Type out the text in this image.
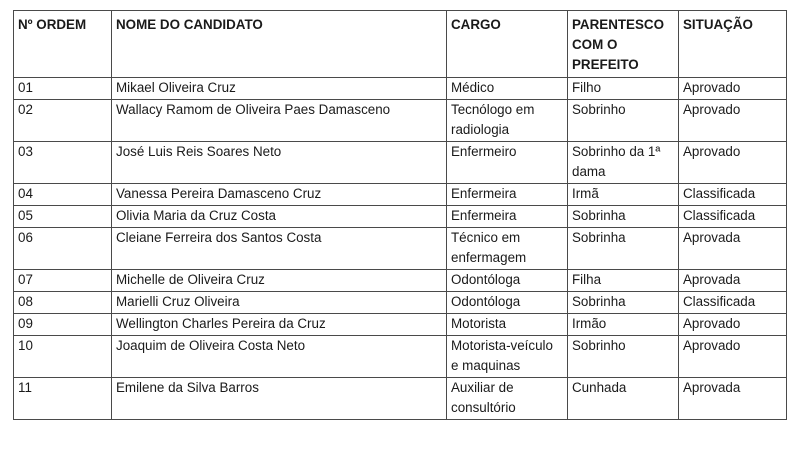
Nº ORDEM	NOME DO CANDIDATO	CARGO	PARENTESCO COM O PREFEITO	SITUAÇÃO
01	Mikael Oliveira Cruz	Médico	Filho	Aprovado
02	Wallacy Ramom de Oliveira Paes Damasceno	Tecnólogo em radiologia	Sobrinho	Aprovado
03	José Luis Reis Soares Neto	Enfermeiro	Sobrinho da 1ª dama	Aprovado
04	Vanessa Pereira Damasceno Cruz	Enfermeira	Irmã	Classificada
05	Olivia Maria da Cruz Costa	Enfermeira	Sobrinha	Classificada
06	Cleiane Ferreira dos Santos Costa	Técnico em enfermagem	Sobrinha	Aprovada
07	Michelle de Oliveira Cruz	Odontóloga	Filha	Aprovada
08	Marielli Cruz Oliveira	Odontóloga	Sobrinha	Classificada
09	Wellington Charles Pereira da Cruz	Motorista	Irmão	Aprovado
10	Joaquim de Oliveira Costa Neto	Motorista-veículo e maquinas	Sobrinho	Aprovado
11	Emilene da Silva Barros	Auxiliar de consultório	Cunhada	Aprovada
